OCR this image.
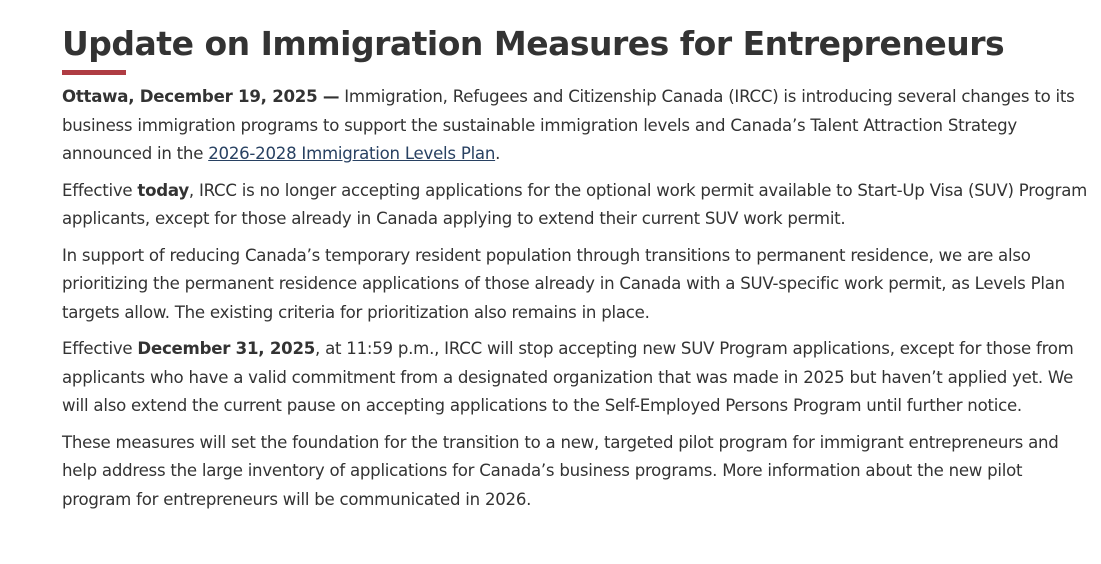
Update on Immigration Measures for Entrepreneurs

Ottawa, December 19, 2025 — Immigration, Refugees and Citizenship Canada (IRCC) is introducing several changes to its business immigration programs to support the sustainable immigration levels and Canada’s Talent Attraction Strategy announced in the 2026-2028 Immigration Levels Plan.

Effective today, IRCC is no longer accepting applications for the optional work permit available to Start-Up Visa (SUV) Program applicants, except for those already in Canada applying to extend their current SUV work permit.

In support of reducing Canada’s temporary resident population through transitions to permanent residence, we are also prioritizing the permanent residence applications of those already in Canada with a SUV-specific work permit, as Levels Plan targets allow. The existing criteria for prioritization also remains in place.

Effective December 31, 2025, at 11:59 p.m., IRCC will stop accepting new SUV Program applications, except for those from applicants who have a valid commitment from a designated organization that was made in 2025 but haven’t applied yet. We will also extend the current pause on accepting applications to the Self-Employed Persons Program until further notice.

These measures will set the foundation for the transition to a new, targeted pilot program for immigrant entrepreneurs and help address the large inventory of applications for Canada’s business programs. More information about the new pilot program for entrepreneurs will be communicated in 2026.
